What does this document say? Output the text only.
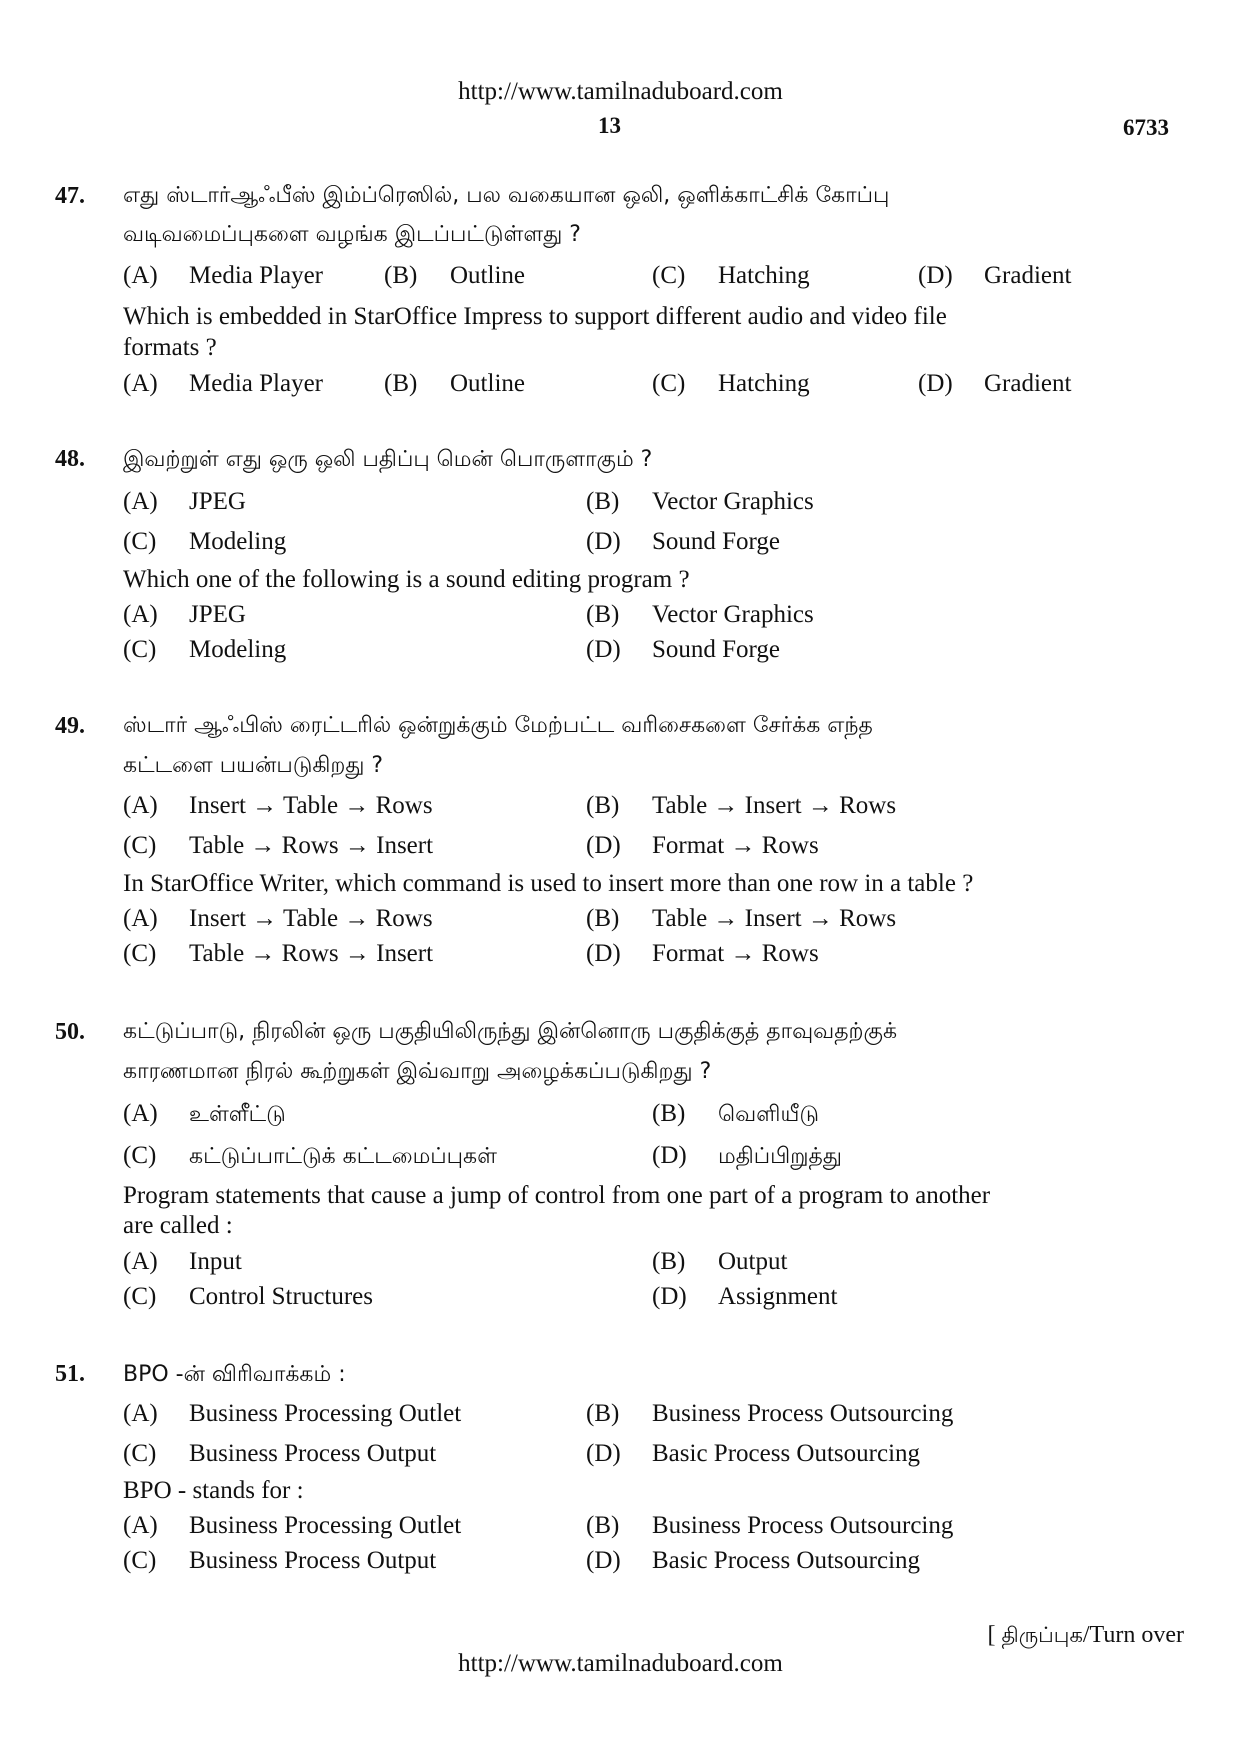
http://www.tamilnaduboard.com
13	6733
47. எது ஸ்டார்ஆஃபீஸ் இம்ப்ரெஸில், பல வகையான ஒலி, ஒளிக்காட்சிக் கோப்பு
வடிவமைப்புகளை வழங்க இடப்பட்டுள்ளது ?
(A) Media Player (B) Outline	(C) Hatching	(D) Gradient
Which is embedded in StarOffice Impress to support different audio and video file
formats ?
(A) Media Player (B) Outline	(C) Hatching	(D) Gradient
48. இவற்றுள் எது ஒரு ஒலி பதிப்பு மென் பொருளாகும் ?
(A) JPEG	(B) Vector Graphics
(C) Modeling	(D) Sound Forge
Which one of the following is a sound editing program ?
(A) JPEG	(B) Vector Graphics
(C) Modeling	(D) Sound Forge
49. ஸ்டார் ஆஃபிஸ் ரைட்டரில் ஒன்றுக்கும் மேற்பட்ட வரிசைகளை சேர்க்க எந்த
கட்டளை பயன்படுகிறது ?
(A) Insert → Table → Rows	(B) Table → Insert → Rows
(C) Table → Rows → Insert	(D) Format → Rows
In StarOffice Writer, which command is used to insert more than one row in a table ?
(A) Insert → Table → Rows	(B) Table → Insert → Rows
(C) Table → Rows → Insert	(D) Format → Rows
50. கட்டுப்பாடு, நிரலின் ஒரு பகுதியிலிருந்து இன்னொரு பகுதிக்குத் தாவுவதற்குக்
காரணமான நிரல் கூற்றுகள் இவ்வாறு அழைக்கப்படுகிறது ?
(A) உள்ளீட்டு	(B) வெளியீடு
(C) கட்டுப்பாட்டுக் கட்டமைப்புகள்	(D) மதிப்பிறுத்து
Program statements that cause a jump of control from one part of a program to another
are called :
(A) Input	(B) Output
(C) Control Structures	(D) Assignment
51. BPO -ன் விரிவாக்கம் :
(A) Business Processing Outlet	(B) Business Process Outsourcing
(C) Business Process Output	(D) Basic Process Outsourcing
BPO - stands for :
(A) Business Processing Outlet	(B) Business Process Outsourcing
(C) Business Process Output	(D) Basic Process Outsourcing
[ திருப்புக/Turn over
http://www.tamilnaduboard.com
